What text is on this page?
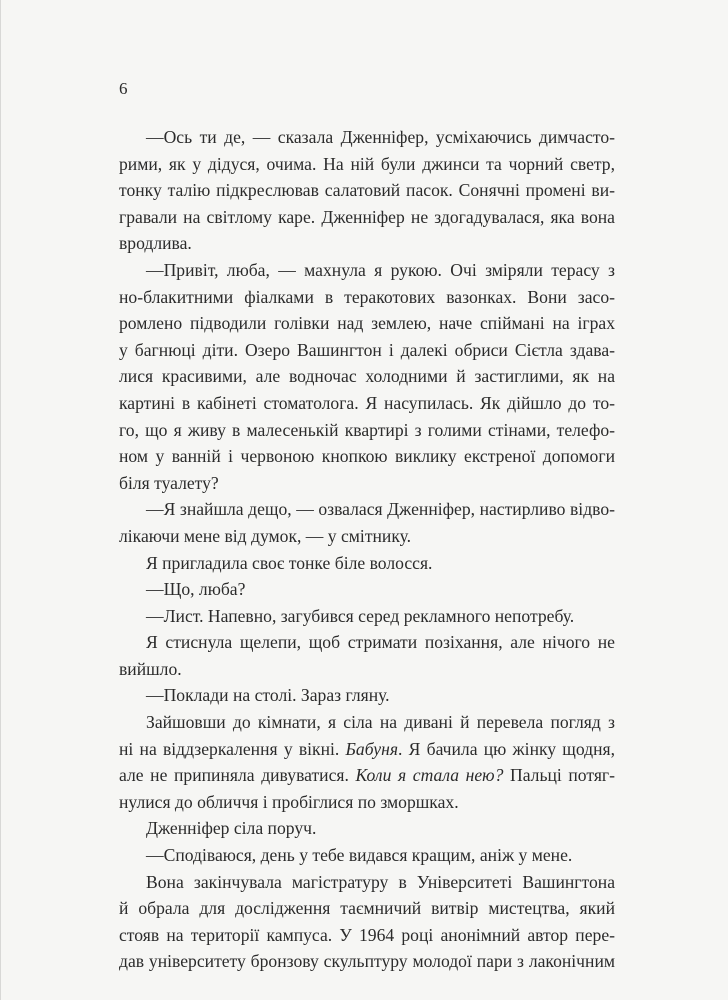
6
—Ось ти де, — сказала Дженніфер, усміхаючись димчасто-
рими, як у дідуся, очима. На ній були джинси та чорний светр,
тонку талію підкреслював салатовий пасок. Сонячні промені ви-
гравали на світлому каре. Дженніфер не здогадувалася, яка вона
вродлива.
—Привіт, люба, — махнула я рукою. Очі зміряли терасу з
но-блакитними фіалками в теракотових вазонках. Вони засо-
ромлено підводили голівки над землею, наче спіймані на іграх
у багнюці діти. Озеро Вашингтон і далекі обриси Сієтла здава-
лися красивими, але водночас холодними й застиглими, як на
картині в кабінеті стоматолога. Я насупилась. Як дійшло до то-
го, що я живу в малесенькій квартирі з голими стінами, телефо-
ном у ванній і червоною кнопкою виклику екстреної допомоги
біля туалету?
—Я знайшла дещо, — озвалася Дженніфер, настирливо відво-
лікаючи мене від думок, — у смітнику.
Я пригладила своє тонке біле волосся.
—Що, люба?
—Лист. Напевно, загубився серед рекламного непотребу.
Я стиснула щелепи, щоб стримати позіхання, але нічого не
вийшло.
—Поклади на столі. Зараз гляну.
Зайшовши до кімнати, я сіла на дивані й перевела погляд з
ні на віддзеркалення у вікні. Бабуня. Я бачила цю жінку щодня,
але не припиняла дивуватися. Коли я стала нею? Пальці потяг-
нулися до обличчя і пробіглися по зморшках.
Дженніфер сіла поруч.
—Сподіваюся, день у тебе видався кращим, аніж у мене.
Вона закінчувала магістратуру в Університеті Вашингтона
й обрала для дослідження таємничий витвір мистецтва, який
стояв на території кампуса. У 1964 році анонімний автор пере-
дав університету бронзову скульптуру молодої пари з лаконічним
